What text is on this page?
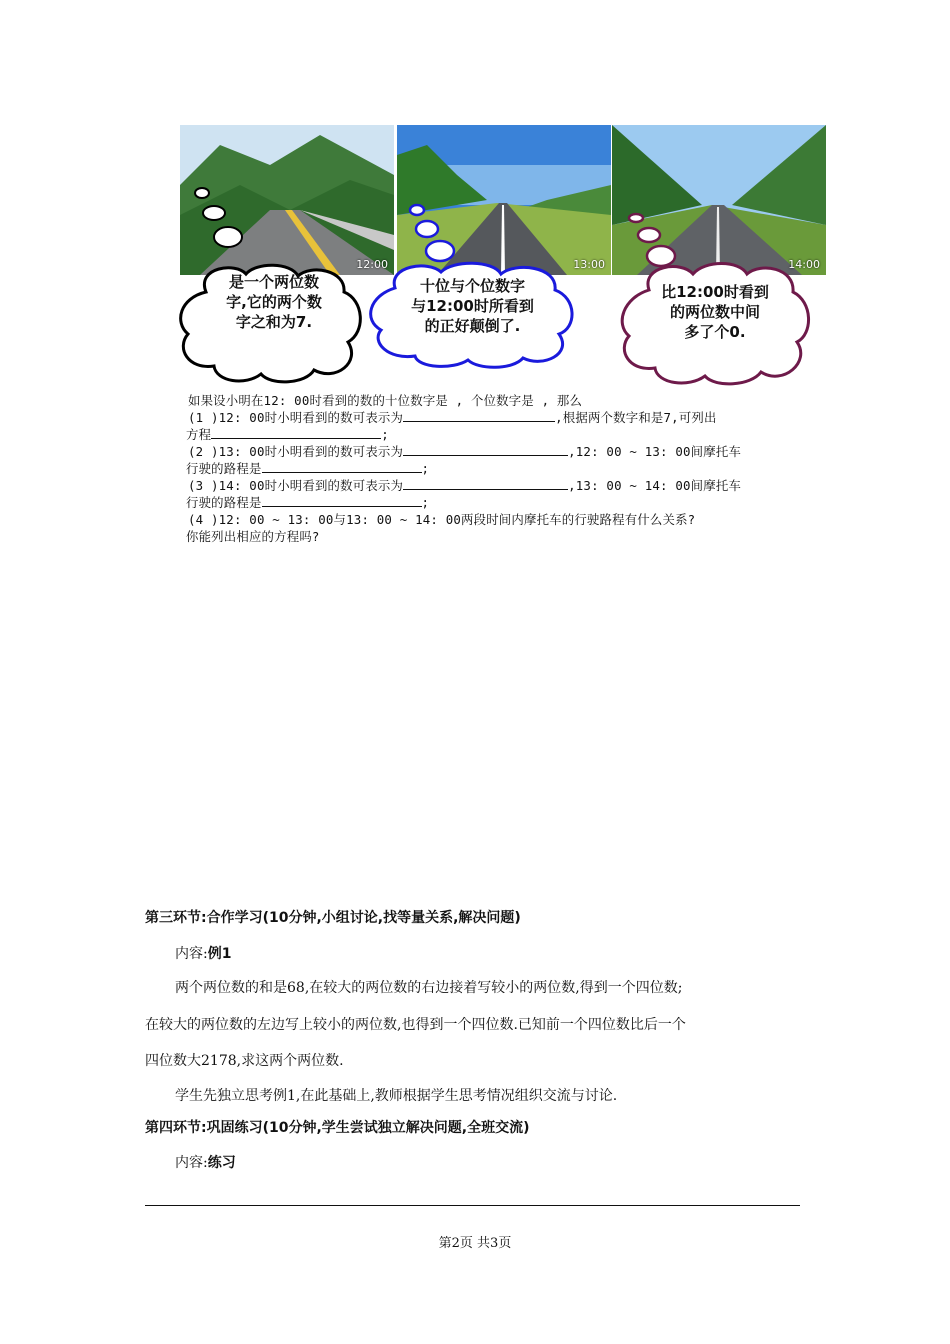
12:00	13:00	14:00
是一个两位数
字,它的两个数
字之和为7.
十位与个位数字
与12:00时所看到
的正好颠倒了.
比12:00时看到
的两位数中间
多了个0.
如果设小明在12: 00时看到的数的十位数字是 , 个位数字是 , 那么
(1 )12: 00时小明看到的数可表示为	,根据两个数字和是7,可列出
方程	;
(2 )13: 00时小明看到的数可表示为	,12: 00 ~ 13: 00间摩托车
行驶的路程是	;
(3 )14: 00时小明看到的数可表示为	,13: 00 ~ 14: 00间摩托车
行驶的路程是	;
(4 )12: 00 ~ 13: 00与13: 00 ~ 14: 00两段时间内摩托车的行驶路程有什么关系?
你能列出相应的方程吗?
第三环节:合作学习(10分钟,小组讨论,找等量关系,解决问题)
内容:例1
两个两位数的和是68,在较大的两位数的右边接着写较小的两位数,得到一个四位数;
在较大的两位数的左边写上较小的两位数,也得到一个四位数.已知前一个四位数比后一个
四位数大2178,求这两个两位数.
学生先独立思考例1,在此基础上,教师根据学生思考情况组织交流与讨论.
第四环节:巩固练习(10分钟,学生尝试独立解决问题,全班交流)
内容:练习
第2页 共3页
